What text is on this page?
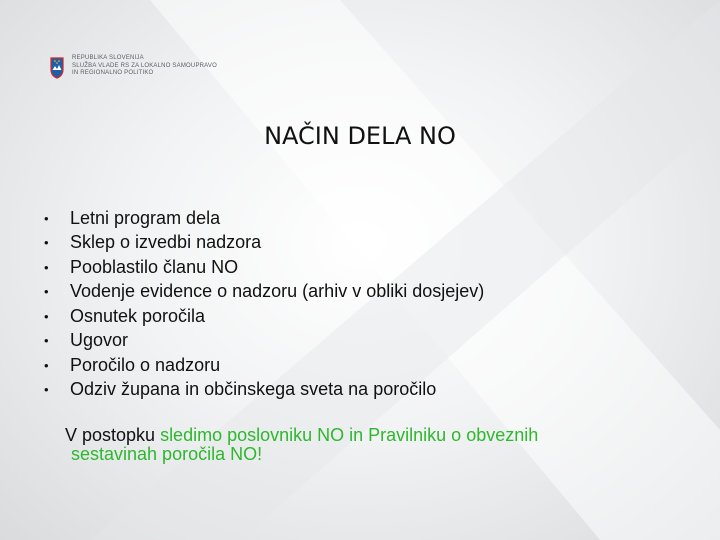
REPUBLIKA SLOVENIJA
SLUŽBA VLADE RS ZA LOKALNO SAMOUPRAVO
IN REGIONALNO POLITIKO
NAČIN DELA NO
•	Letni program dela
•	Sklep o izvedbi nadzora
•	Pooblastilo članu NO
•	Vodenje evidence o nadzoru (arhiv v obliki dosjejev)
•	Osnutek poročila
•	Ugovor
•	Poročilo o nadzoru
•	Odziv župana in občinskega sveta na poročilo

V postopku sledimo poslovniku NO in Pravilniku o obveznih
sestavinah poročila NO!
